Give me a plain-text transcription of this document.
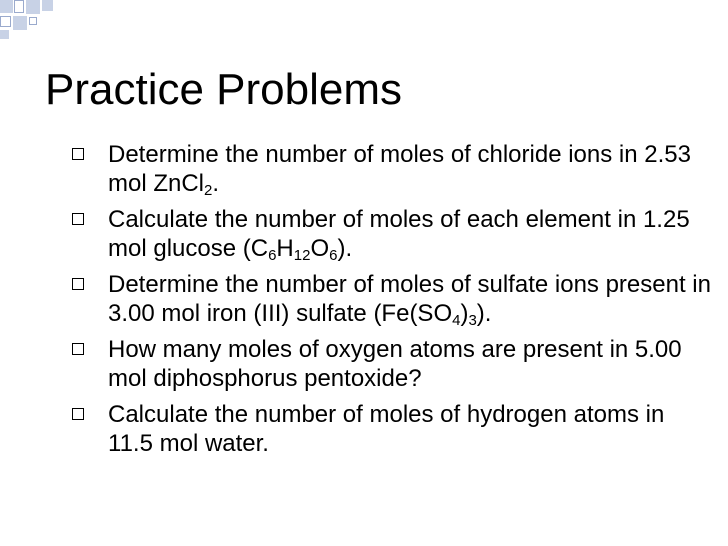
Practice Problems
Determine the number of moles of chloride ions in 2.53 mol ZnCl$_2$.
Calculate the number of moles of each element in 1.25 mol glucose $(C_6H_{12}O_6)$.
Determine the number of moles of sulfate ions present in 3.00 mol iron (III) sulfate $(Fe(SO_4)_3)$.
How many moles of oxygen atoms are present in 5.00 mol diphosphorus pentoxide?
Calculate the number of moles of hydrogen atoms in 11.5 mol water.
